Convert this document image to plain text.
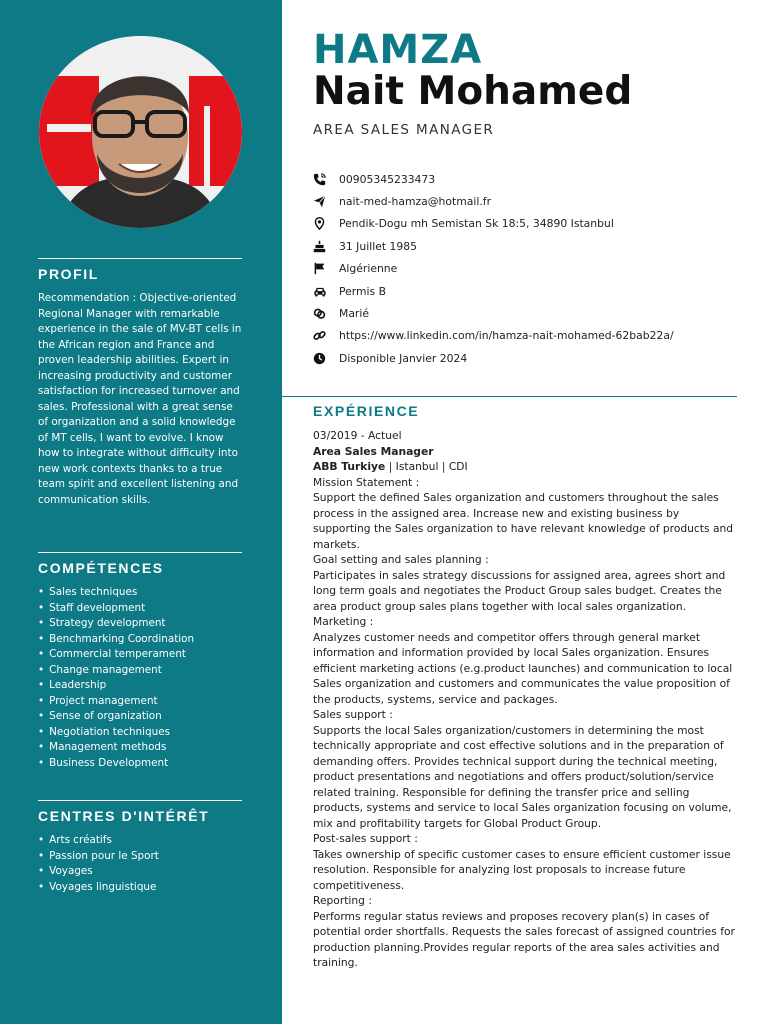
PROFIL
Recommendation : Objective-oriented Regional Manager with remarkable experience in the sale of MV-BT cells in the African region and France and proven leadership abilities. Expert in increasing productivity and customer satisfaction for increased turnover and sales. Professional with a great sense of organization and a solid knowledge of MT cells, I want to evolve. I know how to integrate without difficulty into new work contexts thanks to a true team spirit and excellent listening and communication skills.
COMPÉTENCES
• Sales techniques
• Staff development
• Strategy development
• Benchmarking Coordination
• Commercial temperament
• Change management
• Leadership
• Project management
• Sense of organization
• Negotiation techniques
• Management methods
• Business Development
CENTRES D'INTÉRÊT
• Arts créatifs
• Passion pour le Sport
• Voyages
• Voyages linguistique
HAMZA
Nait Mohamed
AREA SALES MANAGER
00905345233473
nait-med-hamza@hotmail.fr
Pendik-Dogu mh Semistan Sk 18:5, 34890 Istanbul
31 Juillet 1985
Algérienne
Permis B
Marié
https://www.linkedin.com/in/hamza-nait-mohamed-62bab22a/
Disponible Janvier 2024
EXPÉRIENCE

03/2019 - Actuel

Area Sales Manager

ABB Turkiye | Istanbul | CDI

Mission Statement :

Support the defined Sales organization and customers throughout the sales process in the assigned area. Increase new and existing business by supporting the Sales organization to have relevant knowledge of products and markets.

Goal setting and sales planning :

Participates in sales strategy discussions for assigned area, agrees short and long term goals and negotiates the Product Group sales budget. Creates the area product group sales plans together with local sales organization.

Marketing :

Analyzes customer needs and competitor offers through general market information and information provided by local Sales organization. Ensures efficient marketing actions (e.g.product launches) and communication to local Sales organization and customers and communicates the value proposition of the products, systems, service and packages.

Sales support :

Supports the local Sales organization/customers in determining the most technically appropriate and cost effective solutions and in the preparation of demanding offers. Provides technical support during the technical meeting, product presentations and negotiations and offers product/solution/service related training. Responsible for defining the transfer price and selling products, systems and service to local Sales organization focusing on volume, mix and profitability targets for Global Product Group.

Post-sales support :

Takes ownership of specific customer cases to ensure efficient customer issue resolution. Responsible for analyzing lost proposals to increase future competitiveness.

Reporting :

Performs regular status reviews and proposes recovery plan(s) in cases of potential order shortfalls. Requests the sales forecast of assigned countries for production planning.Provides regular reports of the area sales activities and training.
